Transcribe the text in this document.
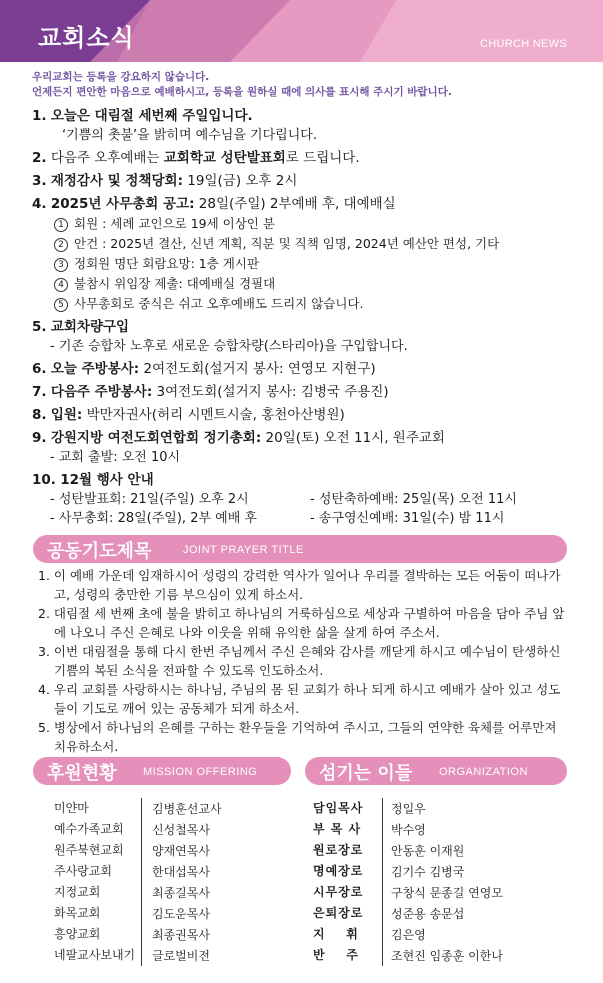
교회소식	CHURCH NEWS
우리교회는 등록을 강요하지 않습니다.
언제든지 편안한 마음으로 예배하시고, 등록을 원하실 때에 의사를 표시해 주시기 바랍니다.
1. 오늘은 대림절 세번째 주일입니다.
‘기쁨의 촛불’을 밝히며 예수님을 기다립니다.
2. 다음주 오후예배는 교회학교 성탄발표회로 드립니다.
3. 재정감사 및 정책당회: 19일(금) 오후 2시
4. 2025년 사무총회 공고: 28일(주일) 2부예배 후, 대예배실
1 회원 : 세례 교인으로 19세 이상인 분
2 안건 : 2025년 결산, 신년 계획, 직분 및 직책 임명, 2024년 예산안 편성, 기타
3 정회원 명단 회람요망: 1층 게시판
4 불참시 위임장 제출: 대예배실 경필대
5 사무총회로 중식은 쉬고 오후예배도 드리지 않습니다.
5. 교회차량구입
- 기존 승합차 노후로 새로운 승합차량(스타리아)을 구입합니다.
6. 오늘 주방봉사: 2여전도회(설거지 봉사: 연영모 지현구)
7. 다음주 주방봉사: 3여전도회(설거지 봉사: 김병국 주용진)
8. 입원: 박만자권사(허리 시멘트시술, 홍천아산병원)
9. 강원지방 여전도회연합회 정기총회: 20일(토) 오전 11시, 원주교회
- 교회 출발: 오전 10시
10. 12월 행사 안내
- 성탄발표회: 21일(주일) 오후 2시
- 사무총회: 28일(주일), 2부 예배 후
- 성탄축하예배: 25일(목) 오전 11시
- 송구영신예배: 31일(수) 밤 11시
공동기도제목	JOINT PRAYER TITLE
1. 이 예배 가운데 임재하시어 성령의 강력한 역사가 일어나 우리를 결박하는 모든 어둠이 떠나가고, 성령의 충만한 기름 부으심이 있게 하소서.
2. 대림절 세 번째 초에 불을 밝히고 하나님의 거룩하심으로 세상과 구별하여 마음을 담아 주님 앞에 나오니 주신 은혜로 나와 이웃을 위해 유익한 삶을 살게 하여 주소서.
3. 이번 대림절을 통해 다시 한번 주님께서 주신 은혜와 감사를 깨닫게 하시고 예수님이 탄생하신 기쁨의 복된 소식을 전파할 수 있도록 인도하소서.
4. 우리 교회를 사랑하시는 하나님, 주님의 몸 된 교회가 하나 되게 하시고 예배가 살아 있고 성도들이 기도로 깨어 있는 공동체가 되게 하소서.
5. 병상에서 하나님의 은혜를 구하는 환우들을 기억하여 주시고, 그들의 연약한 육체를 어루만져 치유하소서.
후원현황 MISSION OFFERING	섬기는 이들 ORGANIZATION
미얀마	김병훈선교사
예수가족교회	신성철목사
원주북현교회	양재연목사
주사랑교회	한대섭목사
지정교회	최종길목사
화목교회	김도운목사
흥양교회	최종권목사
네팔교사보내기	글로벌비전
담임목사	정일우
부 목 사	박수영
원로장로	안동훈 이재원
명예장로	김기수 김병국
시무장로	구창식 문종길 연영모
은퇴장로	성준용 송문섭
지    휘	김은영
반    주	조현진 임종훈 이한나
